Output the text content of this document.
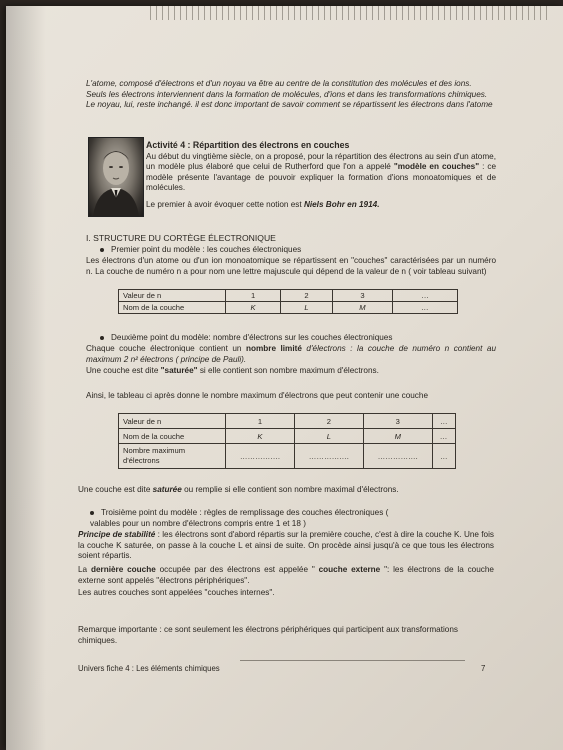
L'atome, composé d'électrons et d'un noyau va être au centre de la constitution des molécules et des ions.
Seuls les électrons interviennent dans la formation de molécules, d'ions et dans les transformations chimiques.
Le noyau, lui, reste inchangé. il est donc important de savoir comment se répartissent les électrons dans l'atome
Activité 4 : Répartition des électrons en couches
Au début du vingtième siècle, on a proposé, pour la répartition des électrons au sein d'un atome, un modèle plus élaboré que celui de Rutherford que l'on a appelé "modèle en couches" : ce modèle présente l'avantage de pouvoir expliquer la formation d'ions monoatomiques et de molécules.
Le premier à avoir évoquer cette notion est Niels Bohr en 1914.
I. STRUCTURE DU CORTÈGE ÉLECTRONIQUE
Premier point du modèle : les couches électroniques
Les électrons d'un atome ou d'un ion monoatomique se répartissent en "couches" caractérisées par un numéro n. La couche de numéro n a pour nom une lettre majuscule qui dépend de la valeur de n ( voir tableau suivant)
Valeur de n	1	2	3	…
Nom de la couche	K	L	M	…
Deuxième point du modèle: nombre d'électrons sur les couches électroniques
Chaque couche électronique contient un nombre limité d'électrons : la couche de numéro n contient au maximum 2 n² électrons ( principe de Pauli).
Une couche est dite "saturée" si elle contient son nombre maximum d'électrons.
Ainsi, le tableau ci après donne le nombre maximum d'électrons que peut contenir une couche
Valeur de n	1	2	3	…
Nom de la couche	K	L	M	…
Nombre maximum d'électrons	…………….	…………….	…………….	…
Une couche est dite saturée ou remplie si elle contient son nombre maximal d'électrons.
Troisième point du modèle : règles de remplissage des couches électroniques ( valables pour un nombre d'électrons compris entre 1 et 18 )
Principe de stabilité : les électrons sont d'abord répartis sur la première couche, c'est à dire la couche K. Une fois la couche K saturée, on passe à la couche L et ainsi de suite. On procède ainsi jusqu'à ce que tous les électrons soient répartis.
La dernière couche occupée par des électrons est appelée " couche externe ": les électrons de la couche externe sont appelés "électrons périphériques".
Les autres couches sont appelées "couches internes".
Remarque importante : ce sont seulement les électrons périphériques qui participent aux transformations chimiques.
Univers fiche 4 : Les éléments chimiques	7
